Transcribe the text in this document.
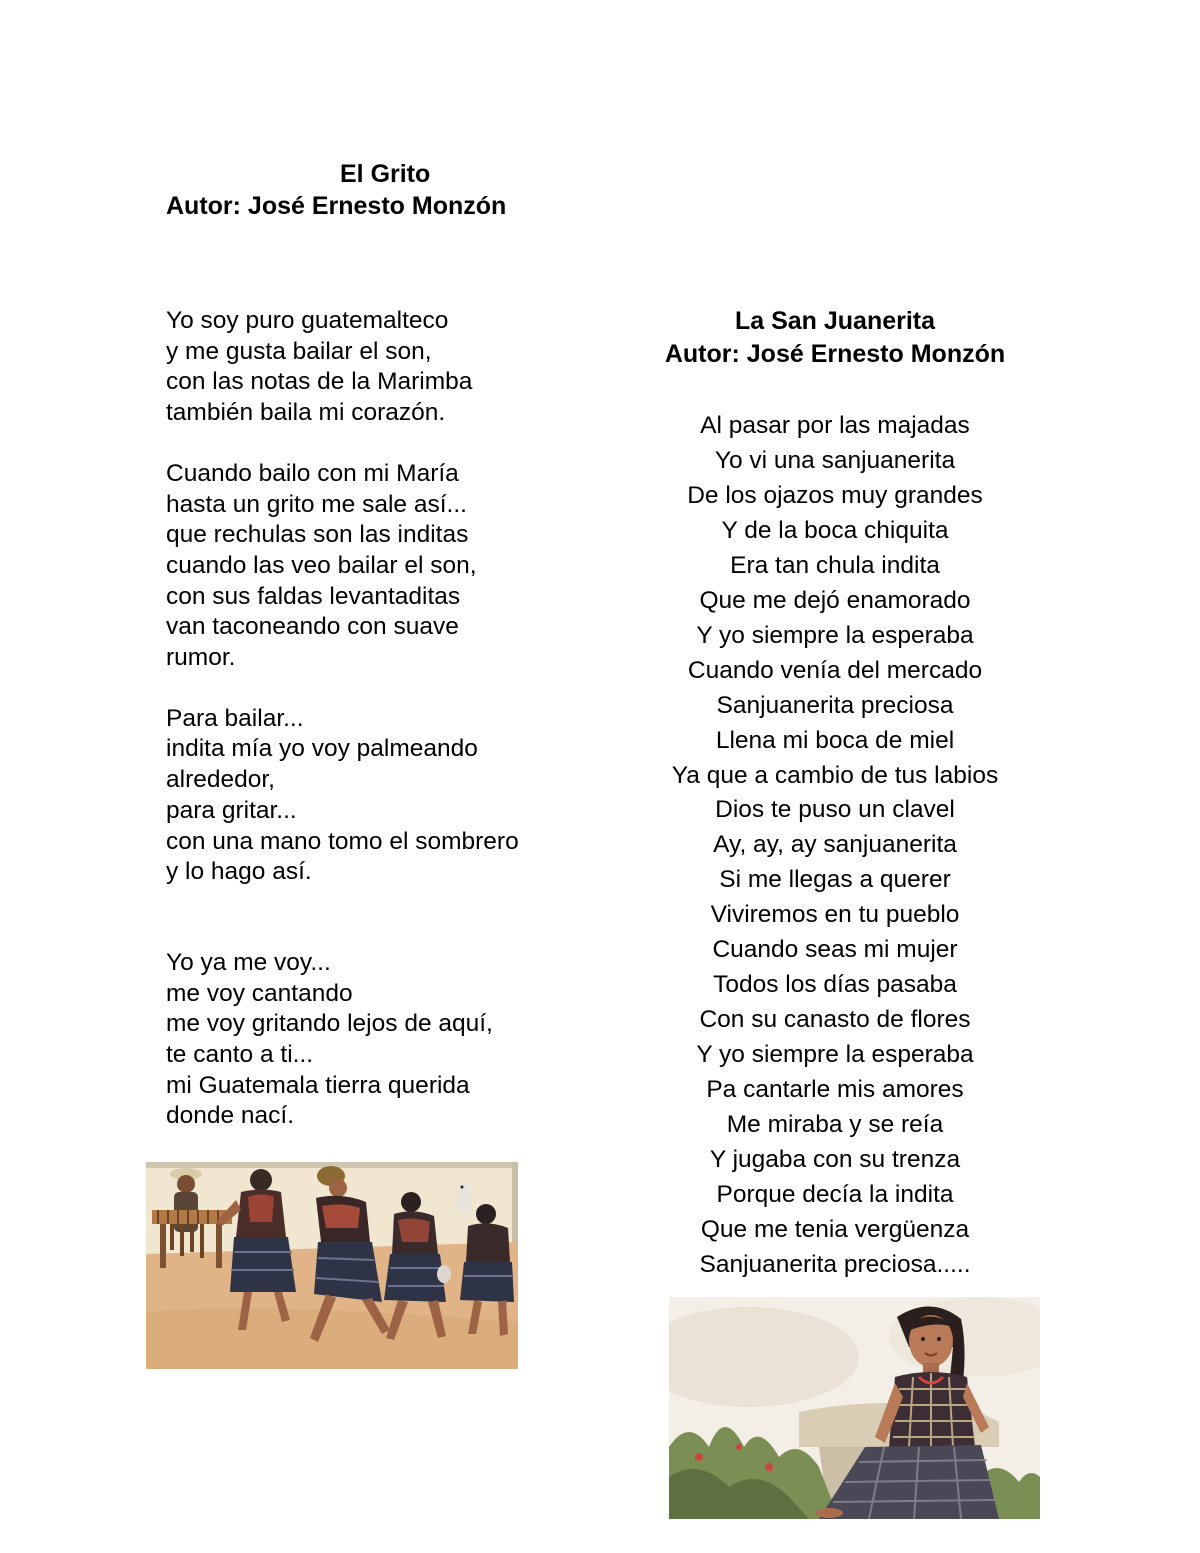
El Grito
Autor: José Ernesto Monzón
Yo soy puro guatemalteco
y me gusta bailar el son,
con las notas de la Marimba
también baila mi corazón.
Cuando bailo con mi María
hasta un grito me sale así...
que rechulas son las inditas
cuando las veo bailar el son,
con sus faldas levantaditas
van taconeando con suave
rumor.
Para bailar...
indita mía yo voy palmeando
alrededor,
para gritar...
con una mano tomo el sombrero
y lo hago así.
Yo ya me voy...
me voy cantando
me voy gritando lejos de aquí,
te canto a ti...
mi Guatemala tierra querida
donde nací.
La San Juanerita
Autor: José Ernesto Monzón
Al pasar por las majadas
Yo vi una sanjuanerita
De los ojazos muy grandes
Y de la boca chiquita
Era tan chula indita
Que me dejó enamorado
Y yo siempre la esperaba
Cuando venía del mercado
Sanjuanerita preciosa
Llena mi boca de miel
Ya que a cambio de tus labios
Dios te puso un clavel
Ay, ay, ay sanjuanerita
Si me llegas a querer
Viviremos en tu pueblo
Cuando seas mi mujer
Todos los días pasaba
Con su canasto de flores
Y yo siempre la esperaba
Pa cantarle mis amores
Me miraba y se reía
Y jugaba con su trenza
Porque decía la indita
Que me tenia vergüenza
Sanjuanerita preciosa.....
